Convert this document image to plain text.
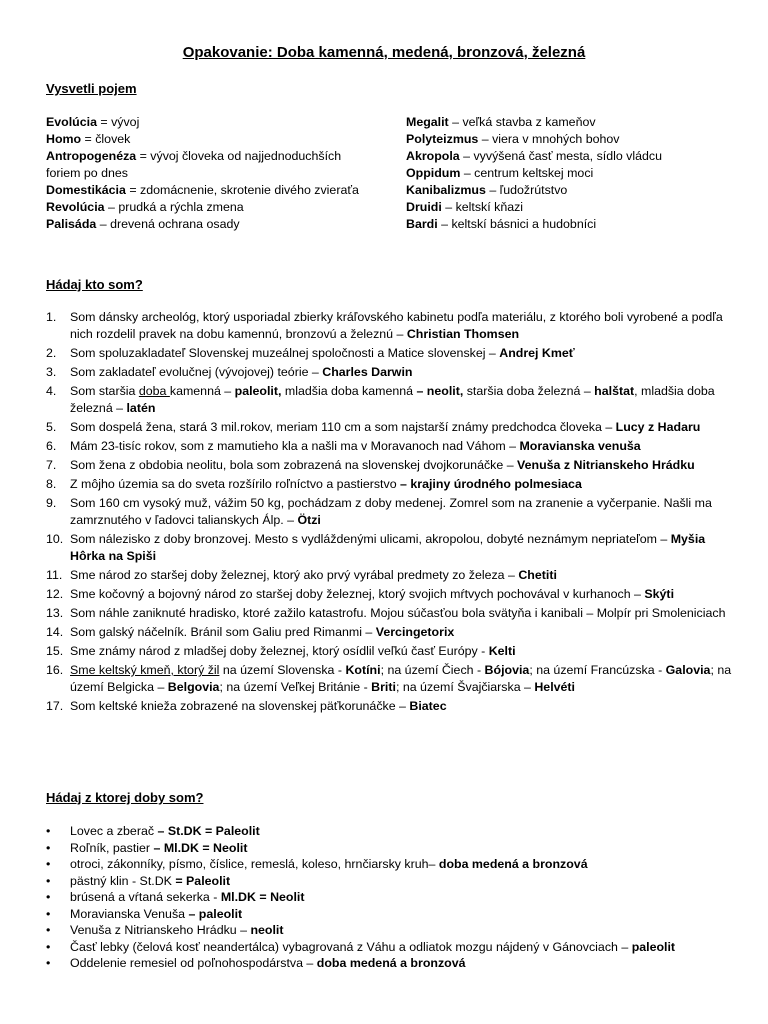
Opakovanie: Doba kamenná, medená, bronzová, železná
Vysvetli pojem
Evolúcia = vývoj
Homo = človek
Antropogenéza = vývoj človeka od najjednoduchších foriem po dnes
Domestikácia = zdomácnenie, skrotenie divého zvieraťa
Revolúcia – prudká a rýchla zmena
Palisáda – drevená ochrana osady
Megalit – veľká stavba z kameňov
Polyteizmus – viera v mnohých bohov
Akropola – vyvýšená časť mesta, sídlo vládcu
Oppidum – centrum keltskej moci
Kanibalizmus – ľudožrútstvo
Druidi – keltskí kňazi
Bardi – keltskí básnici a hudobníci
Hádaj kto som?
1.	Som dánsky archeológ, ktorý usporiadal zbierky kráľovského kabinetu podľa materiálu, z ktorého boli vyrobené a podľa nich rozdelil pravek na dobu kamennú, bronzovú a železnú – Christian Thomsen
2.	Som spoluzakladateľ Slovenskej muzeálnej spoločnosti a Matice slovenskej – Andrej Kmeť
3.	Som zakladateľ evolučnej (vývojovej) teórie – Charles Darwin
4.	Som staršia doba kamenná – paleolit, mladšia doba kamenná – neolit, staršia doba železná – halštat, mladšia doba železná – latén
5.	Som dospelá žena, stará 3 mil.rokov, meriam 110 cm a som najstarší známy predchodca človeka – Lucy z Hadaru
6.	Mám 23-tisíc rokov, som z mamutieho kla a našli ma v Moravanoch nad Váhom – Moravianska venuša
7.	Som žena z obdobia neolitu, bola som zobrazená na slovenskej dvojkorunáčke – Venuša z Nitrianskeho Hrádku
8.	Z môjho územia sa do sveta rozšírilo roľníctvo a pastierstvo – krajiny úrodného polmesiaca
9.	Som 160 cm vysoký muž, vážim 50 kg, pochádzam z doby medenej. Zomrel som na zranenie a vyčerpanie. Našli ma zamrznutého v ľadovci talianskych Álp. – Ötzi
10. Som nálezisko z doby bronzovej. Mesto s vydláždenými ulicami, akropolou, dobyté neznámym nepriateľom – Myšia Hôrka na Spiši
11. Sme národ zo staršej doby železnej, ktorý ako prvý vyrábal predmety zo železa – Chetiti
12. Sme kočovný a bojovný národ zo staršej doby železnej, ktorý svojich mŕtvych pochovával v kurhanoch – Skýti
13. Som náhle zaniknuté hradisko, ktoré zažilo katastrofu. Mojou súčasťou bola svätyňa i kanibali – Molpír pri Smoleniciach
14. Som galský náčelník. Bránil som Galiu pred Rimanmi – Vercingetorix
15. Sme známy národ z mladšej doby železnej, ktorý osídlil veľkú časť Európy - Kelti
16. Sme keltský kmeň, ktorý žil na území Slovenska - Kotíni; na území Čiech - Bójovia; na území Francúzska - Galovia; na území Belgicka – Belgovia; na území Veľkej Británie - Briti; na území Švajčiarska – Helvéti
17. Som keltské knieža zobrazené na slovenskej päťkorunáčke – Biatec
Hádaj z ktorej doby som?
• Lovec a zberač – St.DK = Paleolit
• Roľník, pastier – Ml.DK = Neolit
• otroci, zákonníky, písmo, číslice, remeslá, koleso, hrnčiarsky kruh– doba medená a bronzová
• pästný klin - St.DK = Paleolit
• brúsená a vŕtaná sekerka - Ml.DK = Neolit
• Moravianska Venuša – paleolit
• Venuša z Nitrianskeho Hrádku – neolit
• Časť lebky (čelová kosť neandertálca) vybagrovaná z Váhu a odliatok mozgu nájdený v Gánovciach – paleolit
• Oddelenie remesiel od poľnohospodárstva – doba medená a bronzová
